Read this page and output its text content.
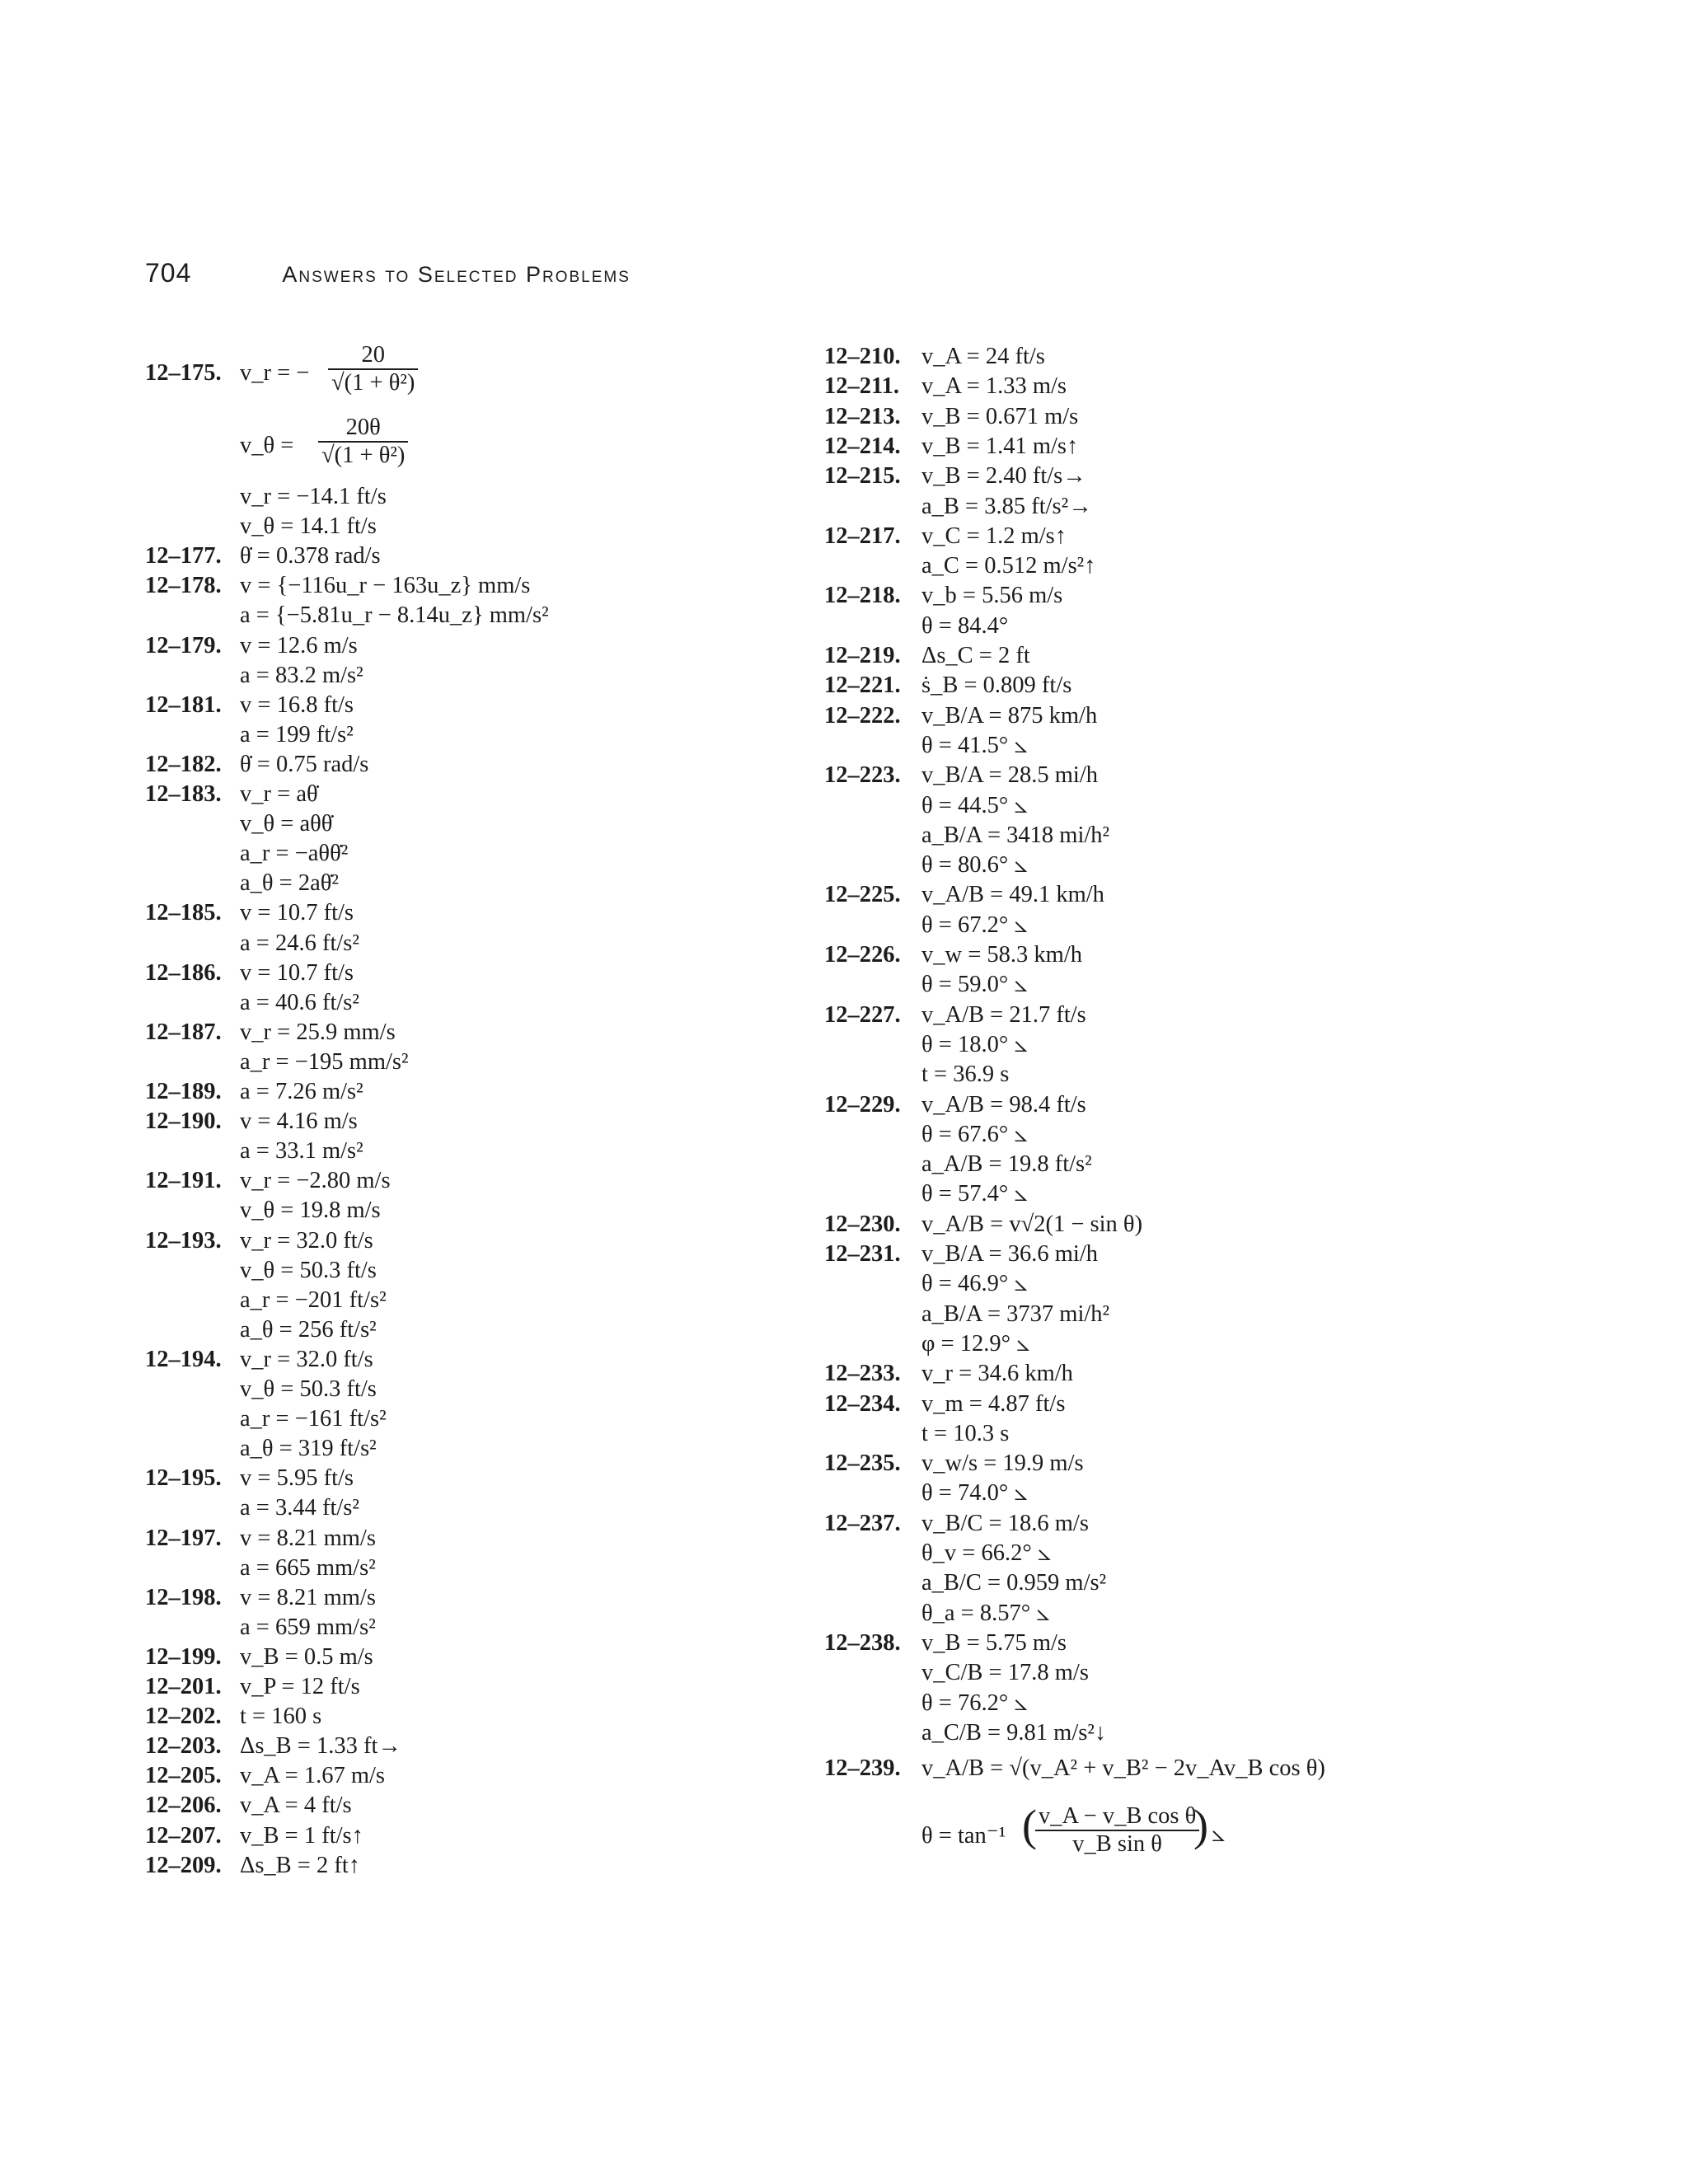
704	Answers to Selected Problems
12–175. v_r = − $\frac{20}{\text{√(1 + θ²)}}$
v_θ = $\frac{20\theta}{\text{√(1 + θ²)}}$
v_r = −14.1 ft/s
v_θ = 14.1 ft/s
12–177. θ̇ = 0.378 rad/s
12–178. v = {−116u_r − 163u_z} mm/s
a = {−5.81u_r − 8.14u_z} mm/s²
12–179. v = 12.6 m/s
a = 83.2 m/s²
12–181. v = 16.8 ft/s
a = 199 ft/s²
12–182. θ̇ = 0.75 rad/s
12–183. v_r = aθ̇
v_θ = aθθ̇
a_r = −aθθ̇²
a_θ = 2aθ̇²
12–185. v = 10.7 ft/s
a = 24.6 ft/s²
12–186. v = 10.7 ft/s
a = 40.6 ft/s²
12–187. v_r = 25.9 mm/s
a_r = −195 mm/s²
12–189. a = 7.26 m/s²
12–190. v = 4.16 m/s
a = 33.1 m/s²
12–191. v_r = −2.80 m/s
v_θ = 19.8 m/s
12–193. v_r = 32.0 ft/s
v_θ = 50.3 ft/s
a_r = −201 ft/s²
a_θ = 256 ft/s²
12–194. v_r = 32.0 ft/s
v_θ = 50.3 ft/s
a_r = −161 ft/s²
a_θ = 319 ft/s²
12–195. v = 5.95 ft/s
a = 3.44 ft/s²
12–197. v = 8.21 mm/s
a = 665 mm/s²
12–198. v = 8.21 mm/s
a = 659 mm/s²
12–199. v_B = 0.5 m/s
12–201. v_P = 12 ft/s
12–202. t = 160 s
12–203. Δs_B = 1.33 ft→
12–205. v_A = 1.67 m/s
12–206. v_A = 4 ft/s
12–207. v_B = 1 ft/s↑
12–209. Δs_B = 2 ft↑
12–210. v_A = 24 ft/s
12–211. v_A = 1.33 m/s
12–213. v_B = 0.671 m/s
12–214. v_B = 1.41 m/s↑
12–215. v_B = 2.40 ft/s→
a_B = 3.85 ft/s²→
12–217. v_C = 1.2 m/s↑
a_C = 0.512 m/s²↑
12–218. v_b = 5.56 m/s
θ = 84.4°
12–219. Δs_C = 2 ft
12–221. ṡ_B = 0.809 ft/s
12–222. v_B/A = 875 km/h
θ = 41.5° ⦣
12–223. v_B/A = 28.5 mi/h
θ = 44.5° ⦣
a_B/A = 3418 mi/h²
θ = 80.6° ⦣
12–225. v_A/B = 49.1 km/h
θ = 67.2° ⦣
12–226. v_w = 58.3 km/h
θ = 59.0° ⦣
12–227. v_A/B = 21.7 ft/s
θ = 18.0° ⦣
t = 36.9 s
12–229. v_A/B = 98.4 ft/s
θ = 67.6° ⦣
a_A/B = 19.8 ft/s²
θ = 57.4° ⦣
12–230. v_A/B = v√2(1 − sin θ)
12–231. v_B/A = 36.6 mi/h
θ = 46.9° ⦣
a_B/A = 3737 mi/h²
φ = 12.9° ⦣
12–233. v_r = 34.6 km/h
12–234. v_m = 4.87 ft/s
t = 10.3 s
12–235. v_w/s = 19.9 m/s
θ = 74.0° ⦣
12–237. v_B/C = 18.6 m/s
θ_v = 66.2° ⦣
a_B/C = 0.959 m/s²
θ_a = 8.57° ⦣
12–238. v_B = 5.75 m/s
v_C/B = 17.8 m/s
θ = 76.2° ⦣
a_C/B = 9.81 m/s²↓
12–239. v_A/B = √(v_A² + v_B² − 2v_Av_B cos θ)
θ = tan⁻¹ (
$\frac{\text{v\_A − v\_B cos θ}}{\text{v\_B sin θ}}$
) ⦣
